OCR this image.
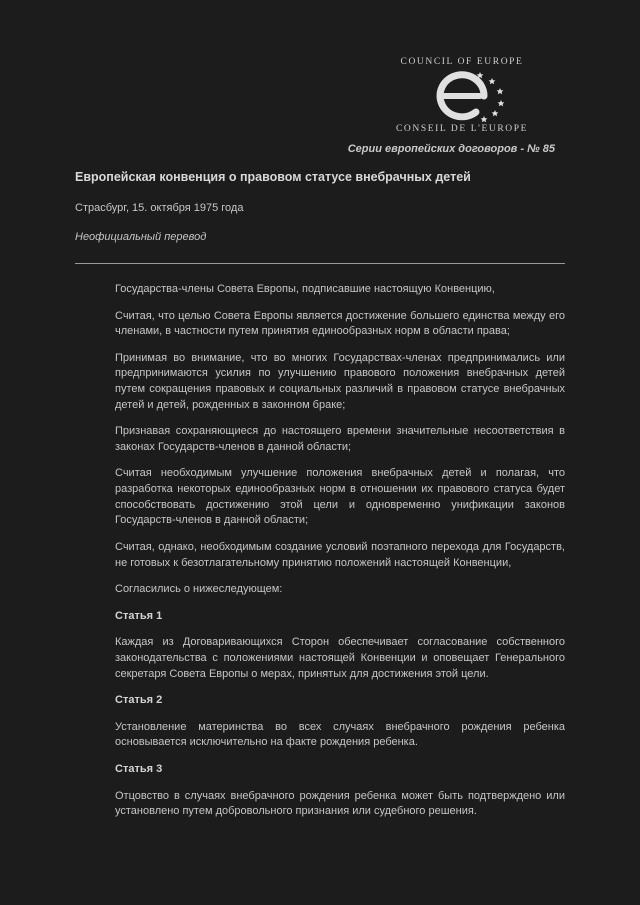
COUNCIL OF EUROPE
CONSEIL DE L'EUROPE
Серии европейских договоров - № 85
Европейская конвенция о правовом статусе внебрачных детей
Страсбург, 15. октября 1975 года
Неофициальный перевод

Государства-члены Совета Европы, подписавшие настоящую Конвенцию,

Считая, что целью Совета Европы является достижение большего единства между его членами, в частности путем принятия единообразных норм в области права;

Принимая во внимание, что во многих Государствах-членах предпринимались или предпринимаются усилия по улучшению правового положения внебрачных детей путем сокращения правовых и социальных различий в правовом статусе внебрачных детей и детей, рожденных в законном браке;

Признавая сохраняющиеся до настоящего времени значительные несоответствия в законах Государств-членов в данной области;

Считая необходимым улучшение положения внебрачных детей и полагая, что разработка некоторых единообразных норм в отношении их правового статуса будет способствовать достижению этой цели и одновременно унификации законов Государств-членов в данной области;

Считая, однако, необходимым создание условий поэтапного перехода для Государств, не готовых к безотлагательному принятию положений настоящей Конвенции,

Согласились о нижеследующем:

Статья 1

Каждая из Договаривающихся Сторон обеспечивает согласование собственного законодательства с положениями настоящей Конвенции и оповещает Генерального секретаря Совета Европы о мерах, принятых для достижения этой цели.

Статья 2

Установление материнства во всех случаях внебрачного рождения ребенка основывается исключительно на факте рождения ребенка.

Статья 3

Отцовство в случаях внебрачного рождения ребенка может быть подтверждено или установлено путем добровольного признания или судебного решения.
